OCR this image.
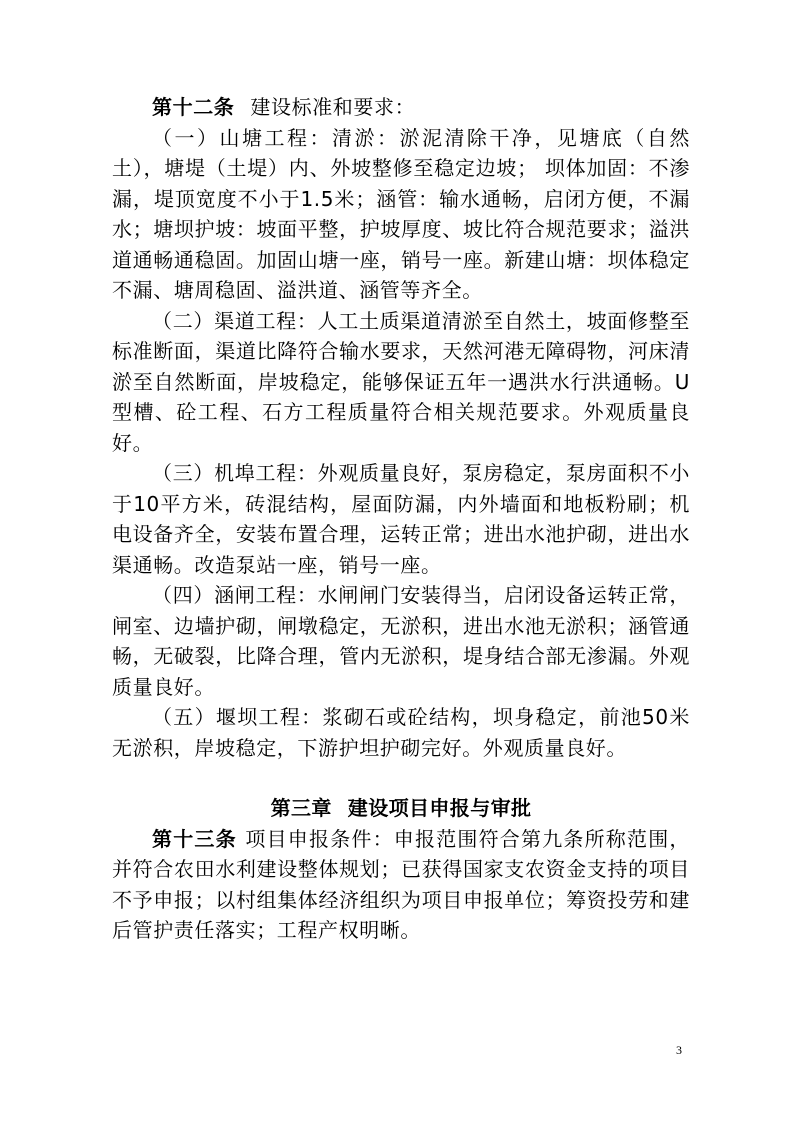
第十二条 建设标准和要求：

（一）山塘工程：清淤：淤泥清除干净，见塘底（自然土），塘堤（土堤）内、外坡整修至稳定边坡； 坝体加固：不渗漏，堤顶宽度不小于1.5米；涵管：输水通畅，启闭方便，不漏水；塘坝护坡：坡面平整，护坡厚度、坡比符合规范要求；溢洪道通畅通稳固。加固山塘一座，销号一座。新建山塘：坝体稳定不漏、塘周稳固、溢洪道、涵管等齐全。

（二）渠道工程：人工土质渠道清淤至自然土，坡面修整至标准断面，渠道比降符合输水要求，天然河港无障碍物，河床清淤至自然断面，岸坡稳定，能够保证五年一遇洪水行洪通畅。U型槽、砼工程、石方工程质量符合相关规范要求。外观质量良好。

（三）机埠工程：外观质量良好，泵房稳定，泵房面积不小于10平方米，砖混结构，屋面防漏，内外墙面和地板粉刷；机电设备齐全，安装布置合理，运转正常；进出水池护砌，进出水渠通畅。改造泵站一座，销号一座。

（四）涵闸工程：水闸闸门安装得当，启闭设备运转正常，闸室、边墙护砌，闸墩稳定，无淤积，进出水池无淤积；涵管通畅，无破裂，比降合理，管内无淤积，堤身结合部无渗漏。外观质量良好。

（五）堰坝工程：浆砌石或砼结构，坝身稳定，前池50米无淤积，岸坡稳定，下游护坦护砌完好。外观质量良好。

第三章 建设项目申报与审批

第十三条 项目申报条件：申报范围符合第九条所称范围，并符合农田水利建设整体规划；已获得国家支农资金支持的项目不予申报；以村组集体经济组织为项目申报单位；筹资投劳和建后管护责任落实；工程产权明晰。

3
